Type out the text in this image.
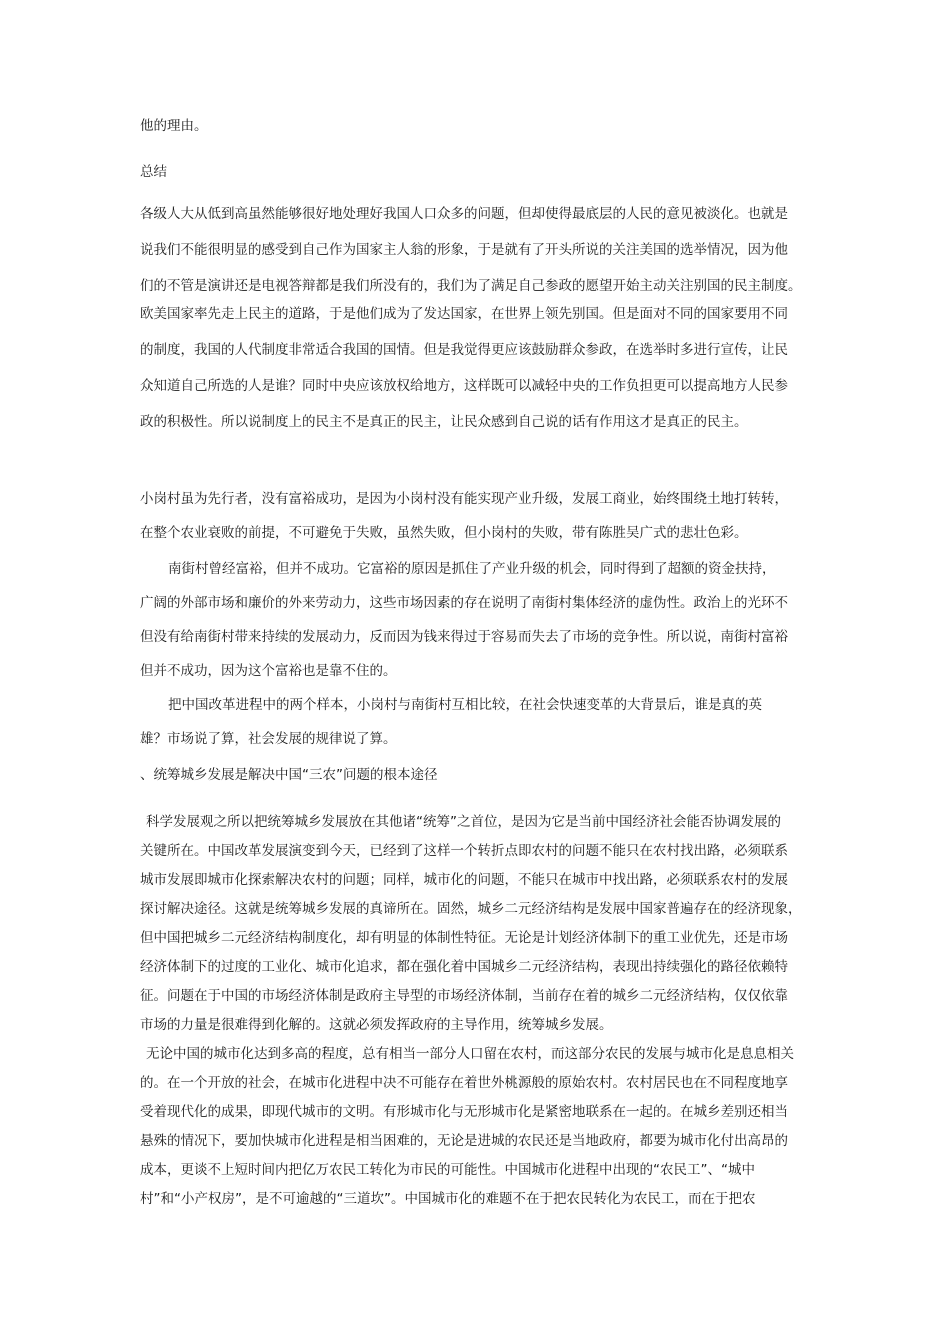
他的理由。
总结
各级人大从低到高虽然能够很好地处理好我国人口众多的问题，但却使得最底层的人民的意见被淡化。也就是
说我们不能很明显的感受到自己作为国家主人翁的形象，于是就有了开头所说的关注美国的选举情况，因为他
们的不管是演讲还是电视答辩都是我们所没有的，我们为了满足自己参政的愿望开始主动关注别国的民主制度。
欧美国家率先走上民主的道路，于是他们成为了发达国家，在世界上领先别国。但是面对不同的国家要用不同
的制度，我国的人代制度非常适合我国的国情。但是我觉得更应该鼓励群众参政，在选举时多进行宣传，让民
众知道自己所选的人是谁？同时中央应该放权给地方，这样既可以减轻中央的工作负担更可以提高地方人民参
政的积极性。所以说制度上的民主不是真正的民主，让民众感到自己说的话有作用这才是真正的民主。
小岗村虽为先行者，没有富裕成功，是因为小岗村没有能实现产业升级，发展工商业，始终围绕土地打转转，
在整个农业衰败的前提，不可避免于失败，虽然失败，但小岗村的失败，带有陈胜吴广式的悲壮色彩。
南街村曾经富裕，但并不成功。它富裕的原因是抓住了产业升级的机会，同时得到了超额的资金扶持，
广阔的外部市场和廉价的外来劳动力，这些市场因素的存在说明了南街村集体经济的虚伪性。政治上的光环不
但没有给南街村带来持续的发展动力，反而因为钱来得过于容易而失去了市场的竞争性。所以说，南街村富裕
但并不成功，因为这个富裕也是靠不住的。
把中国改革进程中的两个样本，小岗村与南街村互相比较，在社会快速变革的大背景后，谁是真的英
雄？市场说了算，社会发展的规律说了算。
、统筹城乡发展是解决中国“三农”问题的根本途径
科学发展观之所以把统筹城乡发展放在其他诸“统筹”之首位，是因为它是当前中国经济社会能否协调发展的
关键所在。中国改革发展演变到今天，已经到了这样一个转折点即农村的问题不能只在农村找出路，必须联系
城市发展即城市化探索解决农村的问题；同样，城市化的问题，不能只在城市中找出路，必须联系农村的发展
探讨解决途径。这就是统筹城乡发展的真谛所在。固然，城乡二元经济结构是发展中国家普遍存在的经济现象，
但中国把城乡二元经济结构制度化，却有明显的体制性特征。无论是计划经济体制下的重工业优先，还是市场
经济体制下的过度的工业化、城市化追求，都在强化着中国城乡二元经济结构，表现出持续强化的路径依赖特
征。问题在于中国的市场经济体制是政府主导型的市场经济体制，当前存在着的城乡二元经济结构，仅仅依靠
市场的力量是很难得到化解的。这就必须发挥政府的主导作用，统筹城乡发展。
无论中国的城市化达到多高的程度，总有相当一部分人口留在农村，而这部分农民的发展与城市化是息息相关
的。在一个开放的社会，在城市化进程中决不可能存在着世外桃源般的原始农村。农村居民也在不同程度地享
受着现代化的成果，即现代城市的文明。有形城市化与无形城市化是紧密地联系在一起的。在城乡差别还相当
悬殊的情况下，要加快城市化进程是相当困难的，无论是进城的农民还是当地政府，都要为城市化付出高昂的
成本，更谈不上短时间内把亿万农民工转化为市民的可能性。中国城市化进程中出现的“农民工”、“城中
村”和“小产权房”，是不可逾越的“三道坎”。中国城市化的难题不在于把农民转化为农民工，而在于把农
